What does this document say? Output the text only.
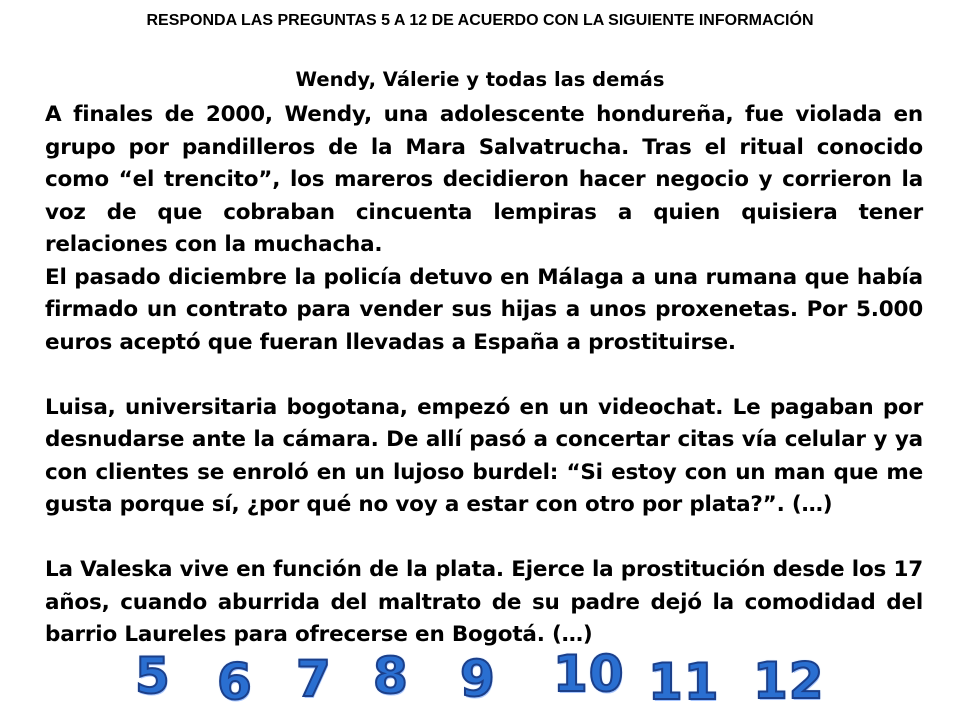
RESPONDA LAS PREGUNTAS 5 A 12 DE ACUERDO CON LA SIGUIENTE INFORMACIÓN
Wendy, Válerie y todas las demás

A finales de 2000, Wendy, una adolescente hondureña, fue violada en grupo por pandilleros de la Mara Salvatrucha. Tras el ritual conocido como “el trencito”, los mareros decidieron hacer negocio y corrieron la voz de que cobraban cincuenta lempiras a quien quisiera tener relaciones con la muchacha.

El pasado diciembre la policía detuvo en Málaga a una rumana que había firmado un contrato para vender sus hijas a unos proxenetas. Por 5.000 euros aceptó que fueran llevadas a España a prostituirse.

Luisa, universitaria bogotana, empezó en un videochat. Le pagaban por desnudarse ante la cámara. De allí pasó a concertar citas vía celular y ya con clientes se enroló en un lujoso burdel: “Si estoy con un man que me gusta porque sí, ¿por qué no voy a estar con otro por plata?”. (…)

La Valeska vive en función de la plata. Ejerce la prostitución desde los 17 años, cuando aburrida del maltrato de su padre dejó la comodidad del barrio Laureles para ofrecerse en Bogotá. (…)

5 6 7 8 9 10 11 12
